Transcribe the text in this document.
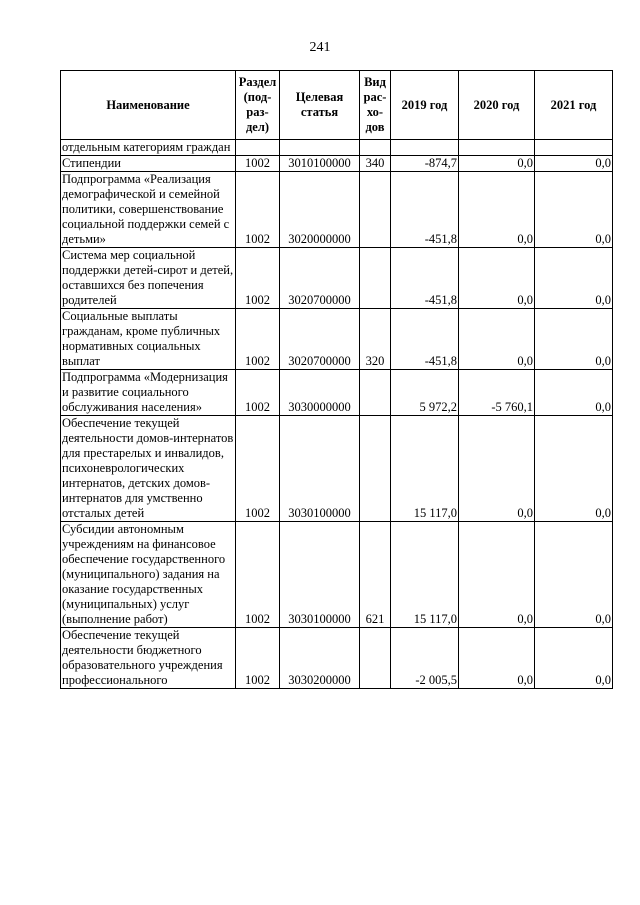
241
Наименование	Раздел (под-раз-дел)	Целевая статья	Вид рас-хо-дов	2019 год	2020 год	2021 год
отдельным категориям граждан						
Стипендии	1002	3010100000	340	-874,7	0,0	0,0
Подпрограмма «Реализация демографической и семейной политики, совершенствование социальной поддержки семей с детьми»	1002	3020000000		-451,8	0,0	0,0
Система мер социальной поддержки детей-сирот и детей, оставшихся без попечения родителей	1002	3020700000		-451,8	0,0	0,0
Социальные выплаты гражданам, кроме публичных нормативных социальных выплат	1002	3020700000	320	-451,8	0,0	0,0
Подпрограмма «Модернизация и развитие социального обслуживания населения»	1002	3030000000		5 972,2	-5 760,1	0,0
Обеспечение текущей деятельности домов-интернатов для престарелых и инвалидов, психоневрологических интернатов, детских домов-интернатов для умственно отсталых детей	1002	3030100000		15 117,0	0,0	0,0
Субсидии автономным учреждениям на финансовое обеспечение государственного (муниципального) задания на оказание государственных (муниципальных) услуг (выполнение работ)	1002	3030100000	621	15 117,0	0,0	0,0
Обеспечение текущей деятельности бюджетного образовательного учреждения профессионального	1002	3030200000		-2 005,5	0,0	0,0
